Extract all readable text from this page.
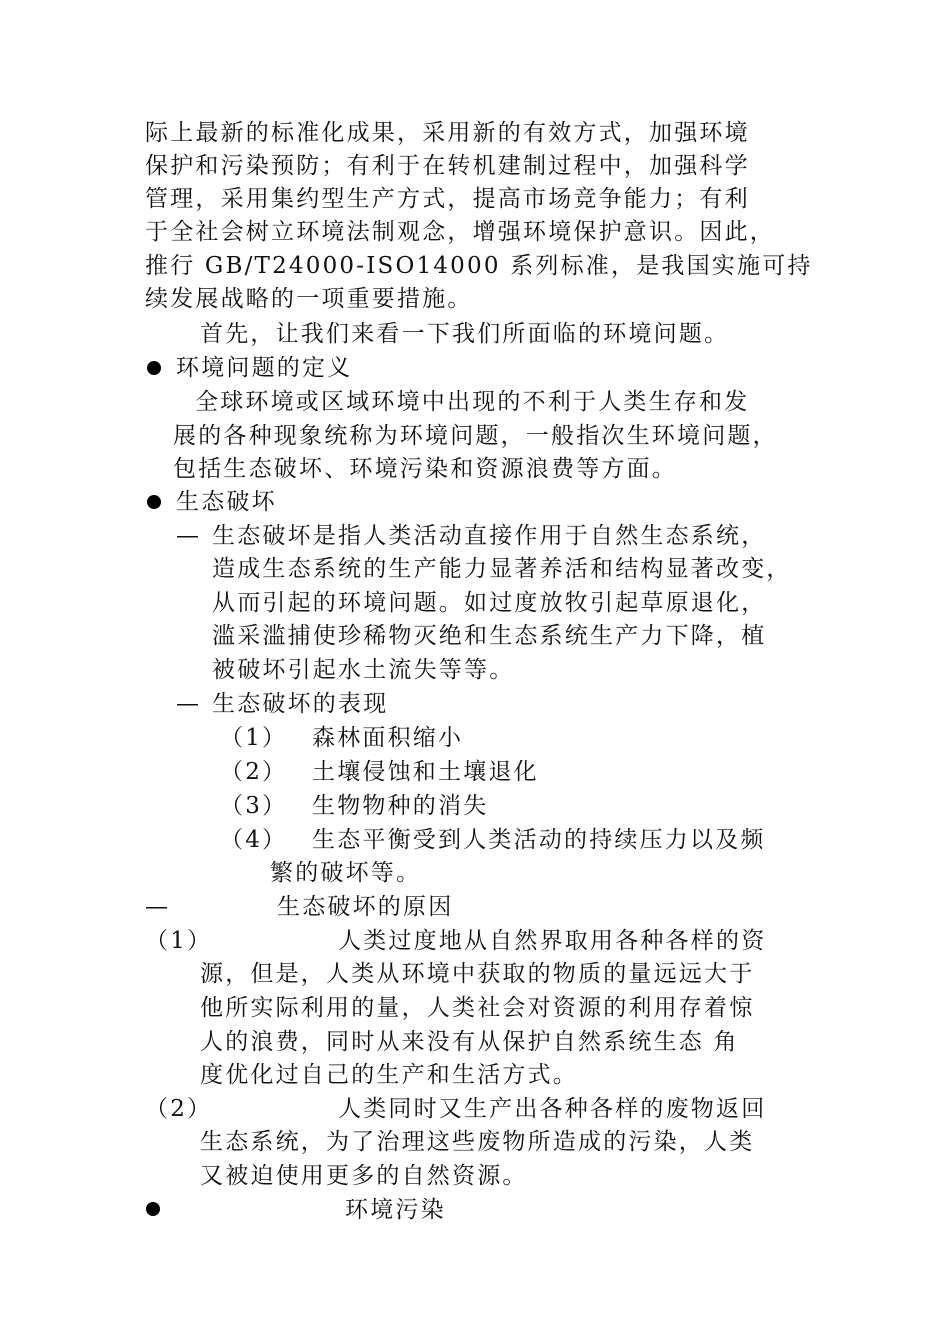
际上最新的标准化成果，采用新的有效方式，加强环境
保护和污染预防；有利于在转机建制过程中，加强科学
管理，采用集约型生产方式，提高市场竞争能力；有利
于全社会树立环境法制观念，增强环境保护意识。因此，
推行 GB/T24000-ISO14000 系列标准，是我国实施可持
续发展战略的一项重要措施。
首先，让我们来看一下我们所面临的环境问题。
环境问题的定义
全球环境或区域环境中出现的不利于人类生存和发
展的各种现象统称为环境问题，一般指次生环境问题，
包括生态破坏、环境污染和资源浪费等方面。
生态破坏
— 生态破坏是指人类活动直接作用于自然生态系统，
造成生态系统的生产能力显著养活和结构显著改变，
从而引起的环境问题。如过度放牧引起草原退化，
滥采滥捕使珍稀物灭绝和生态系统生产力下降，植
被破坏引起水土流失等等。
— 生态破坏的表现
（1） 森林面积缩小
（2） 土壤侵蚀和土壤退化
（3） 生物物种的消失
（4） 生态平衡受到人类活动的持续压力以及频
繁的破坏等。
—	生态破坏的原因
（1）	人类过度地从自然界取用各种各样的资
源，但是，人类从环境中获取的物质的量远远大于
他所实际利用的量，人类社会对资源的利用存着惊
人的浪费，同时从来没有从保护自然系统生态 角
度优化过自己的生产和生活方式。
（2）	人类同时又生产出各种各样的废物返回
生态系统，为了治理这些废物所造成的污染，人类
又被迫使用更多的自然资源。
环境污染
